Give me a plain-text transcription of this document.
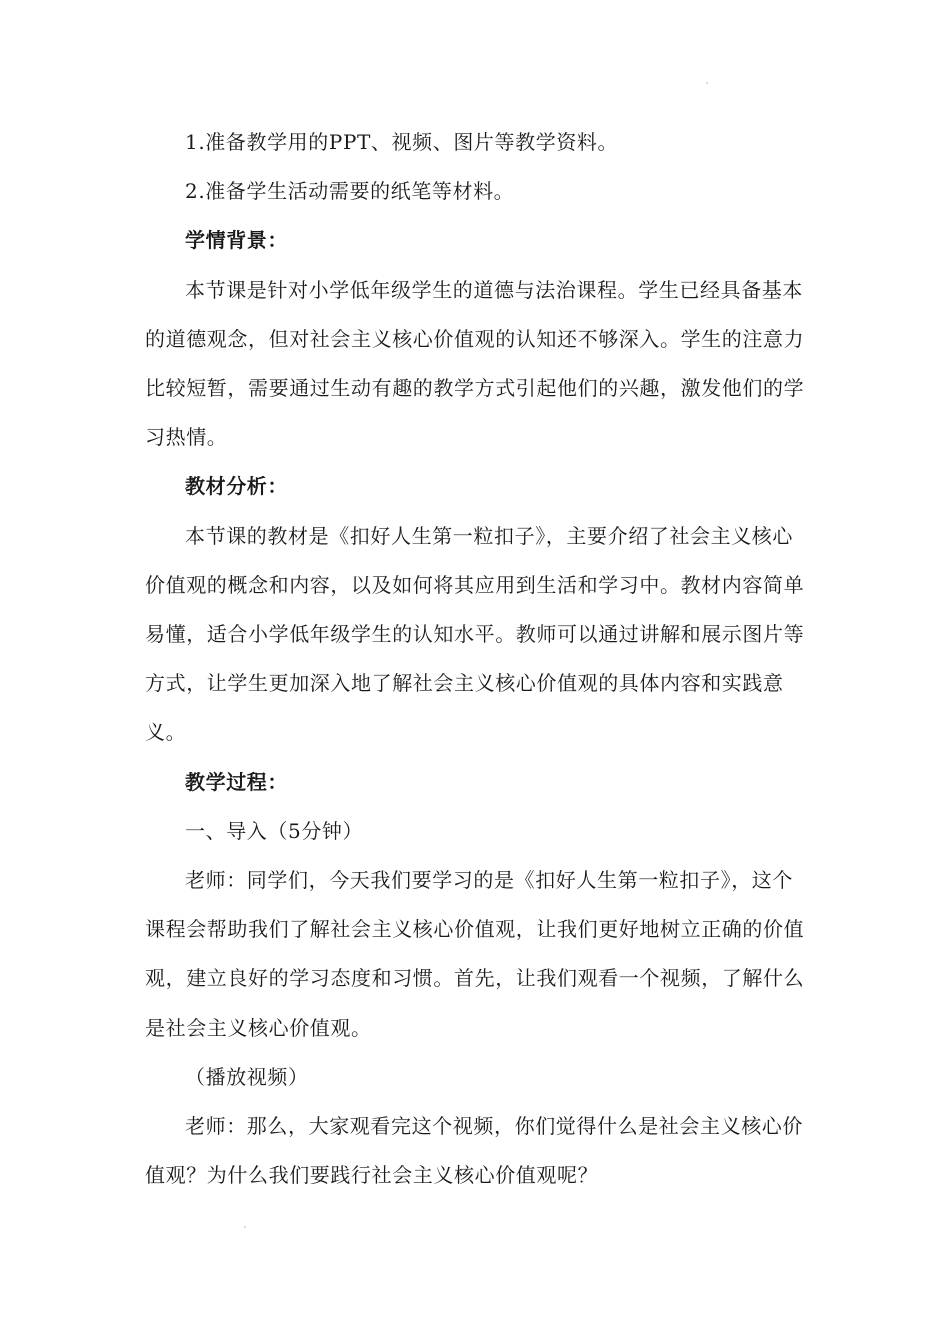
1.准备教学用的PPT、视频、图片等教学资料。

2.准备学生活动需要的纸笔等材料。

学情背景：

本节课是针对小学低年级学生的道德与法治课程。学生已经具备基本的道德观念，但对社会主义核心价值观的认知还不够深入。学生的注意力比较短暂，需要通过生动有趣的教学方式引起他们的兴趣，激发他们的学习热情。

教材分析：

本节课的教材是《扣好人生第一粒扣子》，主要介绍了社会主义核心价值观的概念和内容，以及如何将其应用到生活和学习中。教材内容简单易懂，适合小学低年级学生的认知水平。教师可以通过讲解和展示图片等方式，让学生更加深入地了解社会主义核心价值观的具体内容和实践意义。

教学过程：

一、导入（5分钟）

老师：同学们，今天我们要学习的是《扣好人生第一粒扣子》，这个课程会帮助我们了解社会主义核心价值观，让我们更好地树立正确的价值观，建立良好的学习态度和习惯。首先，让我们观看一个视频，了解什么是社会主义核心价值观。

（播放视频）

老师：那么，大家观看完这个视频，你们觉得什么是社会主义核心价值观？为什么我们要践行社会主义核心价值观呢？
